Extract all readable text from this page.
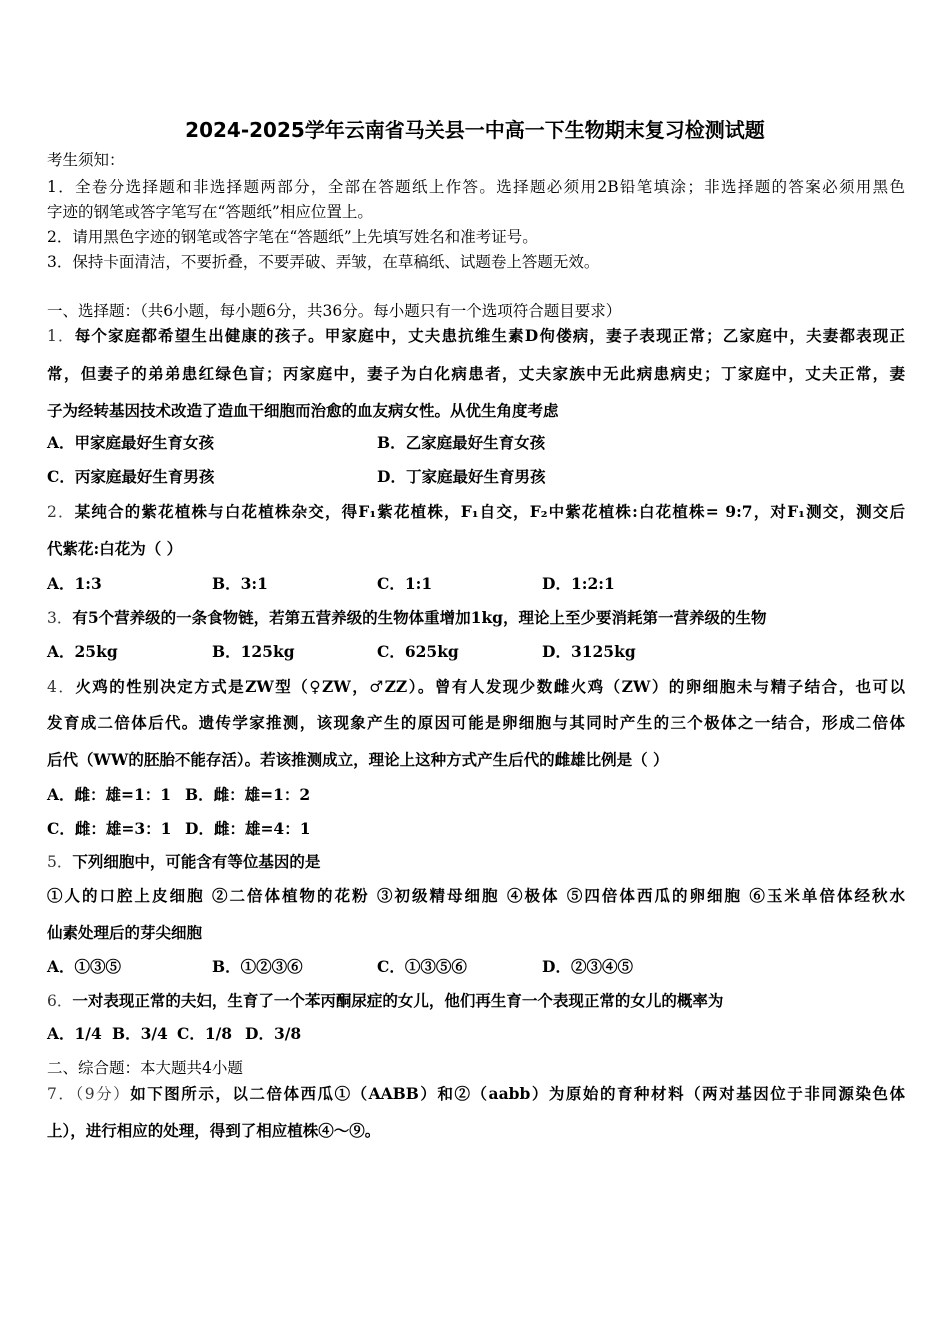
2024-2025学年云南省马关县一中高一下生物期末复习检测试题
考生须知：
1．全卷分选择题和非选择题两部分，全部在答题纸上作答。选择题必须用2B铅笔填涂；非选择题的答案必须用黑色
字迹的钢笔或答字笔写在“答题纸”相应位置上。
2．请用黑色字迹的钢笔或答字笔在“答题纸”上先填写姓名和准考证号。
3．保持卡面清洁，不要折叠，不要弄破、弄皱，在草稿纸、试题卷上答题无效。
一、选择题：（共6小题，每小题6分，共36分。每小题只有一个选项符合题目要求）
1．每个家庭都希望生出健康的孩子。甲家庭中，丈夫患抗维生素D佝偻病，妻子表现正常；乙家庭中，夫妻都表现正
常，但妻子的弟弟患红绿色盲；丙家庭中，妻子为白化病患者，丈夫家族中无此病患病史；丁家庭中，丈夫正常，妻
子为经转基因技术改造了造血干细胞而治愈的血友病女性。从优生角度考虑
A．甲家庭最好生育女孩	B．乙家庭最好生育女孩
C．丙家庭最好生育男孩	D．丁家庭最好生育男孩
2．某纯合的紫花植株与白花植株杂交，得F₁紫花植株，F₁自交，F₂中紫花植株:白花植株= 9:7，对F₁测交，测交后
代紫花:白花为（ ）
A．1:3	B．3:1	C．1:1	D．1:2:1
3．有5个营养级的一条食物链，若第五营养级的生物体重增加1kg，理论上至少要消耗第一营养级的生物
A．25kg	B．125kg	C．625kg	D．3125kg
4．火鸡的性别决定方式是ZW型（♀ZW，♂ZZ）。曾有人发现少数雌火鸡（ZW）的卵细胞未与精子结合，也可以
发育成二倍体后代。遗传学家推测，该现象产生的原因可能是卵细胞与其同时产生的三个极体之一结合，形成二倍体
后代（WW的胚胎不能存活）。若该推测成立，理论上这种方式产生后代的雌雄比例是（ ）
A．雌：雄=1：1 B．雌：雄=1：2
C．雌：雄=3：1 D．雌：雄=4：1
5．下列细胞中，可能含有等位基因的是
①人的口腔上皮细胞 ②二倍体植物的花粉 ③初级精母细胞 ④极体 ⑤四倍体西瓜的卵细胞 ⑥玉米单倍体经秋水
仙素处理后的芽尖细胞
A．①③⑤	B．①②③⑥	C．①③⑤⑥	D．②③④⑤
6．一对表现正常的夫妇，生育了一个苯丙酮尿症的女儿，他们再生育一个表现正常的女儿的概率为
A．1/4 B．3/4 C．1/8 D．3/8
二、综合题：本大题共4小题
7．（9分）如下图所示，以二倍体西瓜①（AABB）和②（aabb）为原始的育种材料（两对基因位于非同源染色体
上），进行相应的处理，得到了相应植株④～⑨。
